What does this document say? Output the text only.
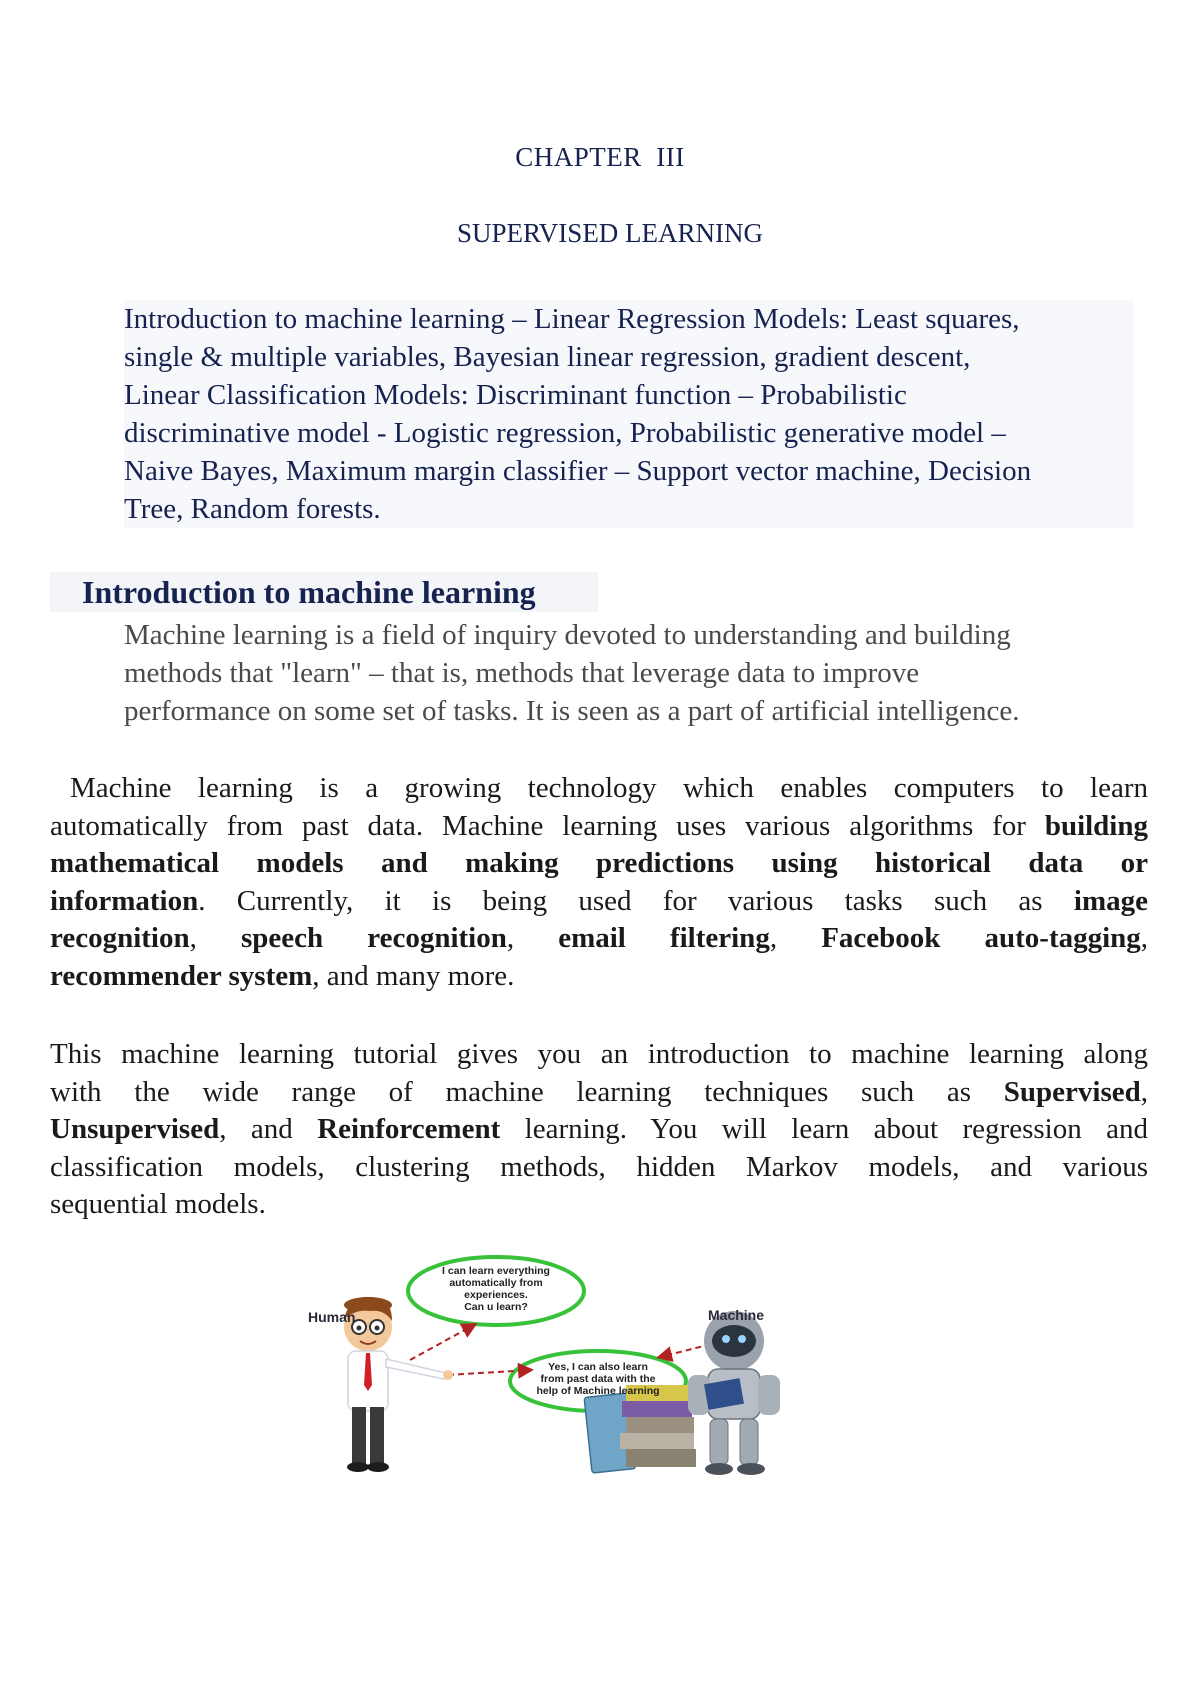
CHAPTER  III
SUPERVISED LEARNING
Introduction to machine learning – Linear Regression Models: Least squares,
single & multiple variables, Bayesian linear regression, gradient descent,
Linear Classification Models: Discriminant function – Probabilistic
discriminative model - Logistic regression, Probabilistic generative model –
Naive Bayes, Maximum margin classifier – Support vector machine, Decision
Tree, Random forests.
Introduction to machine learning
Machine learning is a field of inquiry devoted to understanding and building
methods that "learn" – that is, methods that leverage data to improve
performance on some set of tasks. It is seen as a part of artificial intelligence.
Machine learning is a growing technology which enables computers to learn
automatically from past data. Machine learning uses various algorithms for building
mathematical models and making predictions using historical data or
information. Currently, it is being used for various tasks such as image
recognition, speech recognition, email filtering, Facebook auto-tagging,
recommender system, and many more.
This machine learning tutorial gives you an introduction to machine learning along
with the wide range of machine learning techniques such as Supervised,
Unsupervised, and Reinforcement learning. You will learn about regression and
classification models, clustering methods, hidden Markov models, and various
sequential models.
Human	Machine
I can learn everything
automatically from
experiences.
Can u learn?
Yes, I can also learn
from past data with the
help of Machine learning
